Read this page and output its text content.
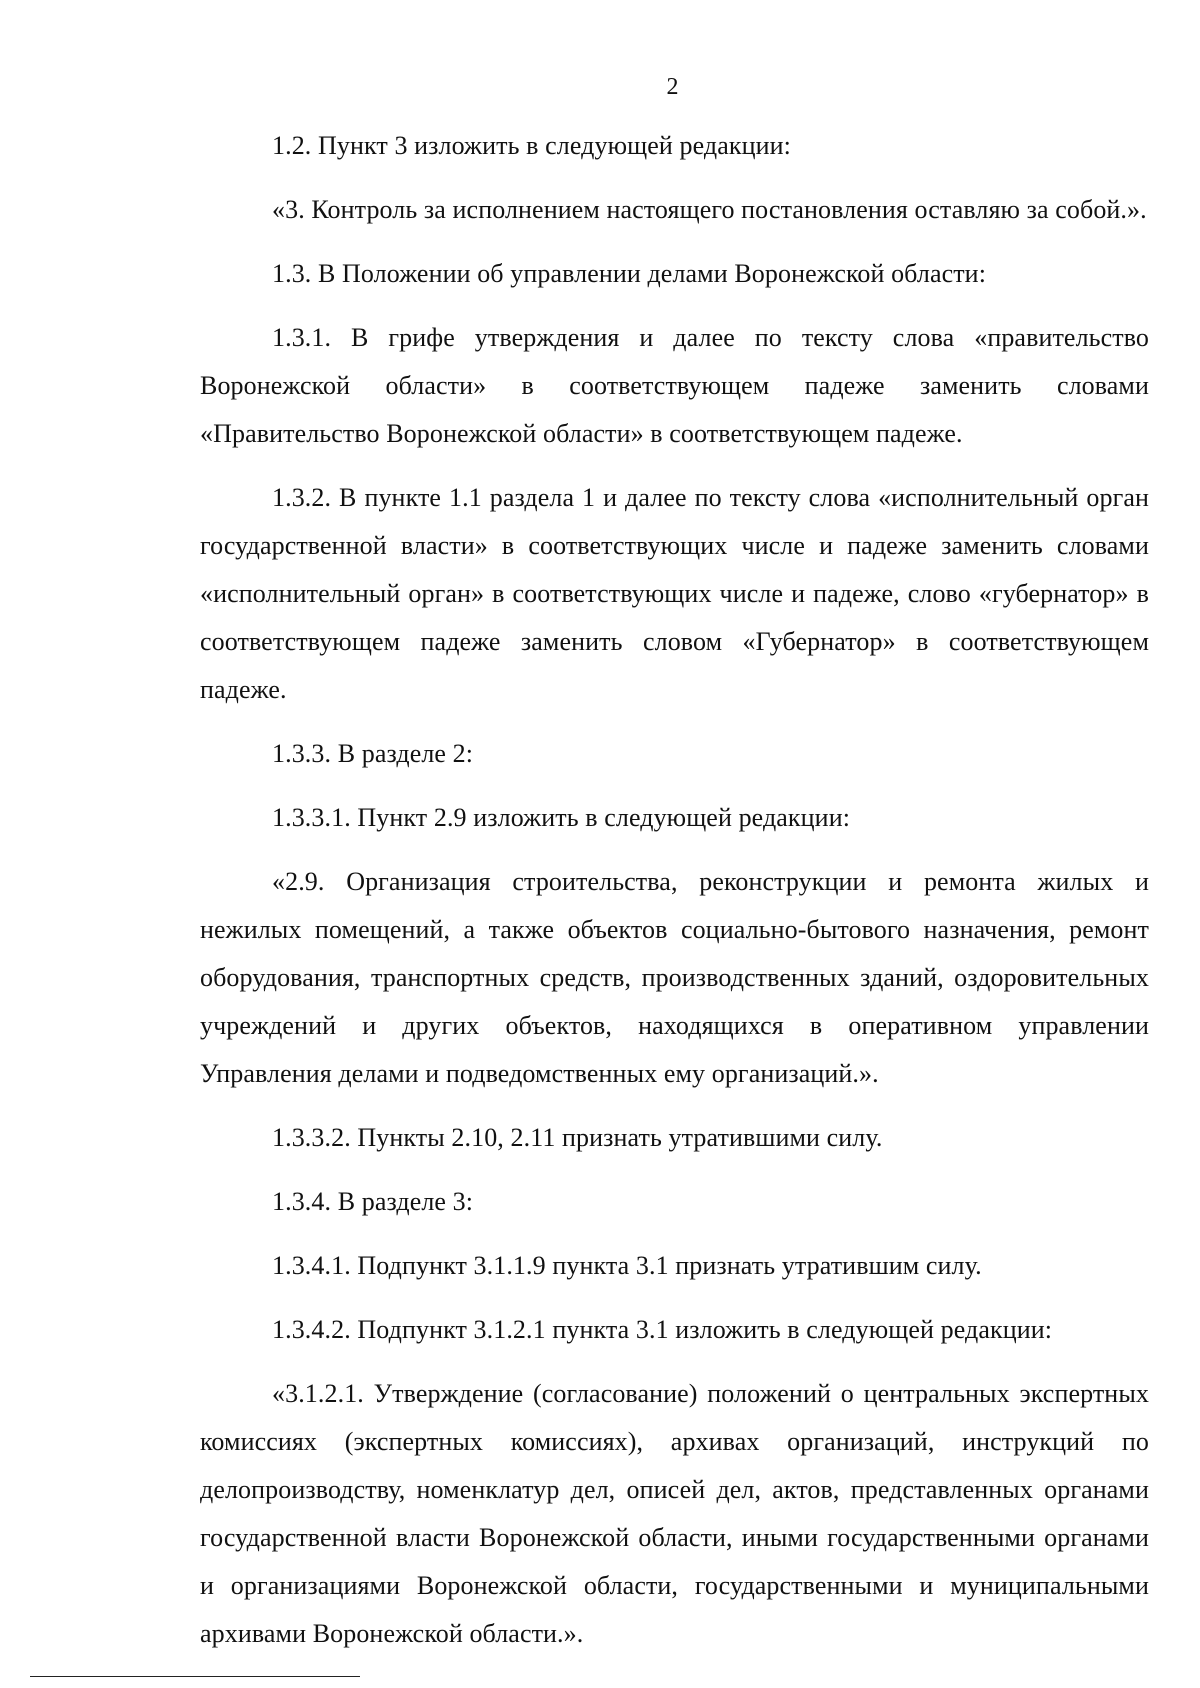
2

1.2. Пункт 3 изложить в следующей редакции:

«3. Контроль за исполнением настоящего постановления оставляю за собой.».

1.3. В Положении об управлении делами Воронежской области:

1.3.1. В грифе утверждения и далее по тексту слова «правительство Воронежской области» в соответствующем падеже заменить словами «Правительство Воронежской области» в соответствующем падеже.

1.3.2. В пункте 1.1 раздела 1 и далее по тексту слова «исполнительный орган государственной власти» в соответствующих числе и падеже заменить словами «исполнительный орган» в соответствующих числе и падеже, слово «губернатор» в соответствующем падеже заменить словом «Губернатор» в соответствующем падеже.

1.3.3. В разделе 2:

1.3.3.1. Пункт 2.9 изложить в следующей редакции:

«2.9. Организация строительства, реконструкции и ремонта жилых и нежилых помещений, а также объектов социально-бытового назначения, ремонт оборудования, транспортных средств, производственных зданий, оздоровительных учреждений и других объектов, находящихся в оперативном управлении Управления делами и подведомственных ему организаций.».

1.3.3.2. Пункты 2.10, 2.11 признать утратившими силу.

1.3.4. В разделе 3:

1.3.4.1. Подпункт 3.1.1.9 пункта 3.1 признать утратившим силу.

1.3.4.2. Подпункт 3.1.2.1 пункта 3.1 изложить в следующей редакции:

«3.1.2.1. Утверждение (согласование) положений о центральных экспертных комиссиях (экспертных комиссиях), архивах организаций, инструкций по делопроизводству, номенклатур дел, описей дел, актов, представленных органами государственной власти Воронежской области, иными государственными органами и организациями Воронежской области, государственными и муниципальными архивами Воронежской области.».
